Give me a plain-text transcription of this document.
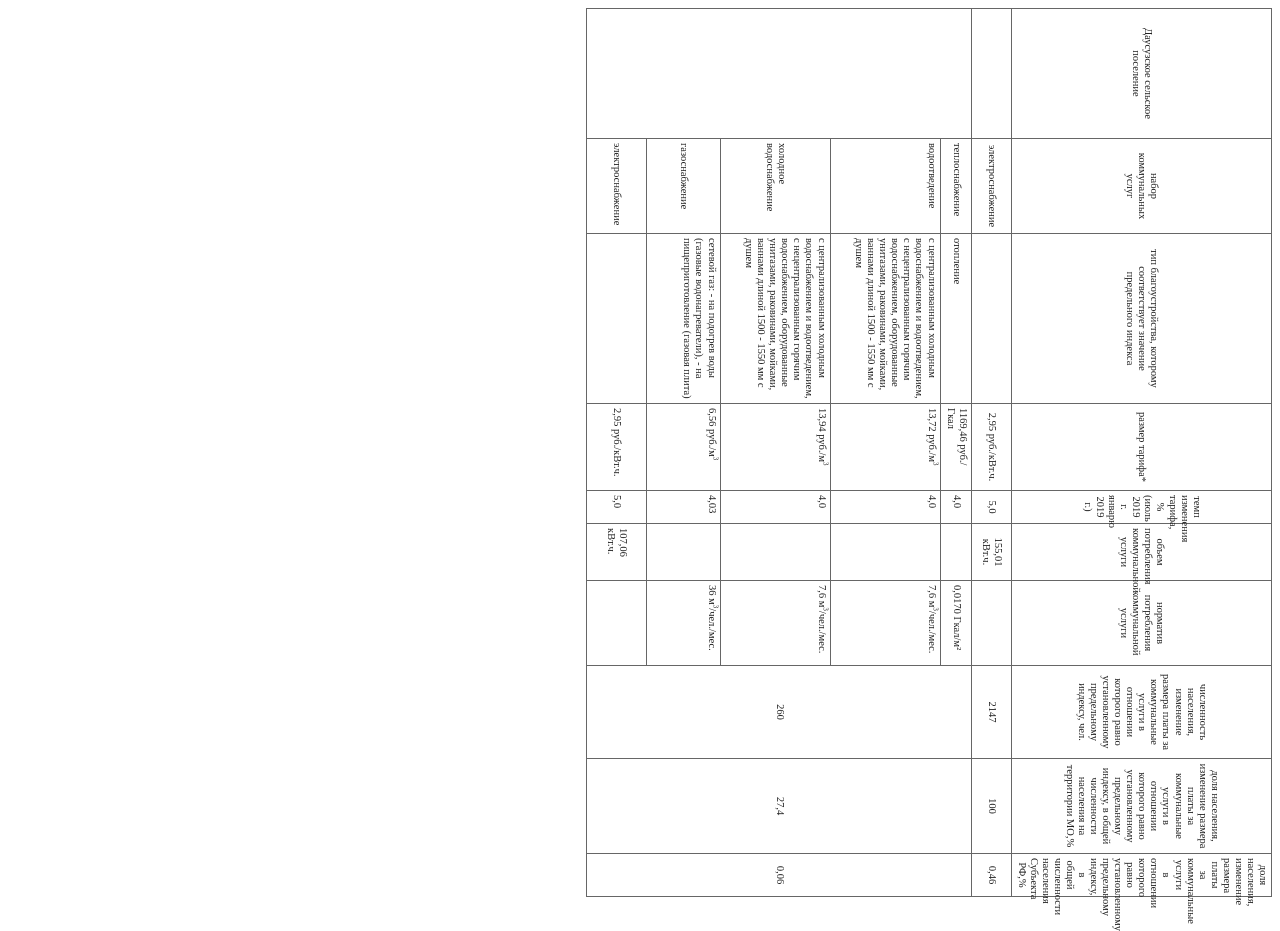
Даусузское сельское поселение	набор коммунальных услуг	тип благоустройства, которому соответствует значение предельного индекса	размер тарифа*	темп изменения тарифа, % (июль 2019 г. январю 2019 г.)	объем потребления коммунальной услуги	норматив потребления коммунальной услуги	численность населения, изменение размера платы за коммунальные услуги в отношении которого равно установленному предельному индексу, чел.	доля населения, изменение размера платы за коммунальные услуги в отношении которого равно установленному предельному индексу, в общей численности населения на территории МО,%	доля населения, изменение размера платы за коммунальные услуги в отношении которого равно установленному предельному индексу, в общей численности населения Субъекта РФ,%
	электроснабжение		2,95 руб./кВт.ч.	5,0	155,01 кВт.ч.		2147	100	0,46
	теплоснабжение	отопление	1169,46 руб./Гкал	4,0		0,0170 Гкал/м²	260	27,4	0,06
	водоотведение	с централизованным холодным водоснабжением и водоотведением, с нецентрализованным горячим водоснабжением, оборудованные унитазами, раковинами, мойками, ваннами длиной 1500 - 1550 мм с душем	13,72 $руб./м^3$	4,0		7,6 $м^3/чел$./мес.			
	холодное водоснабжение	с централизованным холодным водоснабжением и водоотведением, с нецентрализованным горячим водоснабжением, оборудованные унитазами, раковинами, мойками, ваннами длиной 1500 - 1550 мм с душем	13,94 $руб./м^3$	4,0		7,6 $м^3/чел$./мес.			
	газоснабжение	сетевой газ: - на подогрев воды (газовые водонагреватели), - на пищеприготовление (газовая плита)	6,56 $руб./м^3$	4,03		36 $м^3/чел$./мес.			
	электроснабжение		2,95 руб./кВт.ч.	5,0	107,06 кВт.ч.				
